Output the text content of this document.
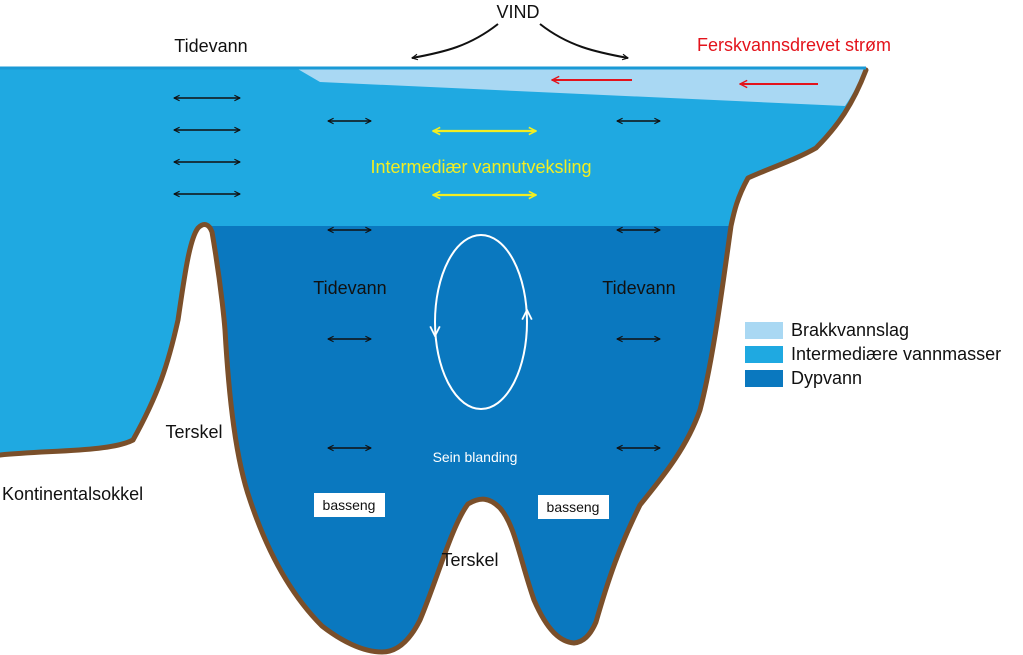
VIND
Tidevann	Ferskvannsdrevet strøm
Intermediær vannutveksling
Tidevann	Tidevann
Sein blanding
Terskel
Terskel
Kontinentalsokkel
basseng	basseng
Brakkvannslag
Intermediære vannmasser
Dypvann
